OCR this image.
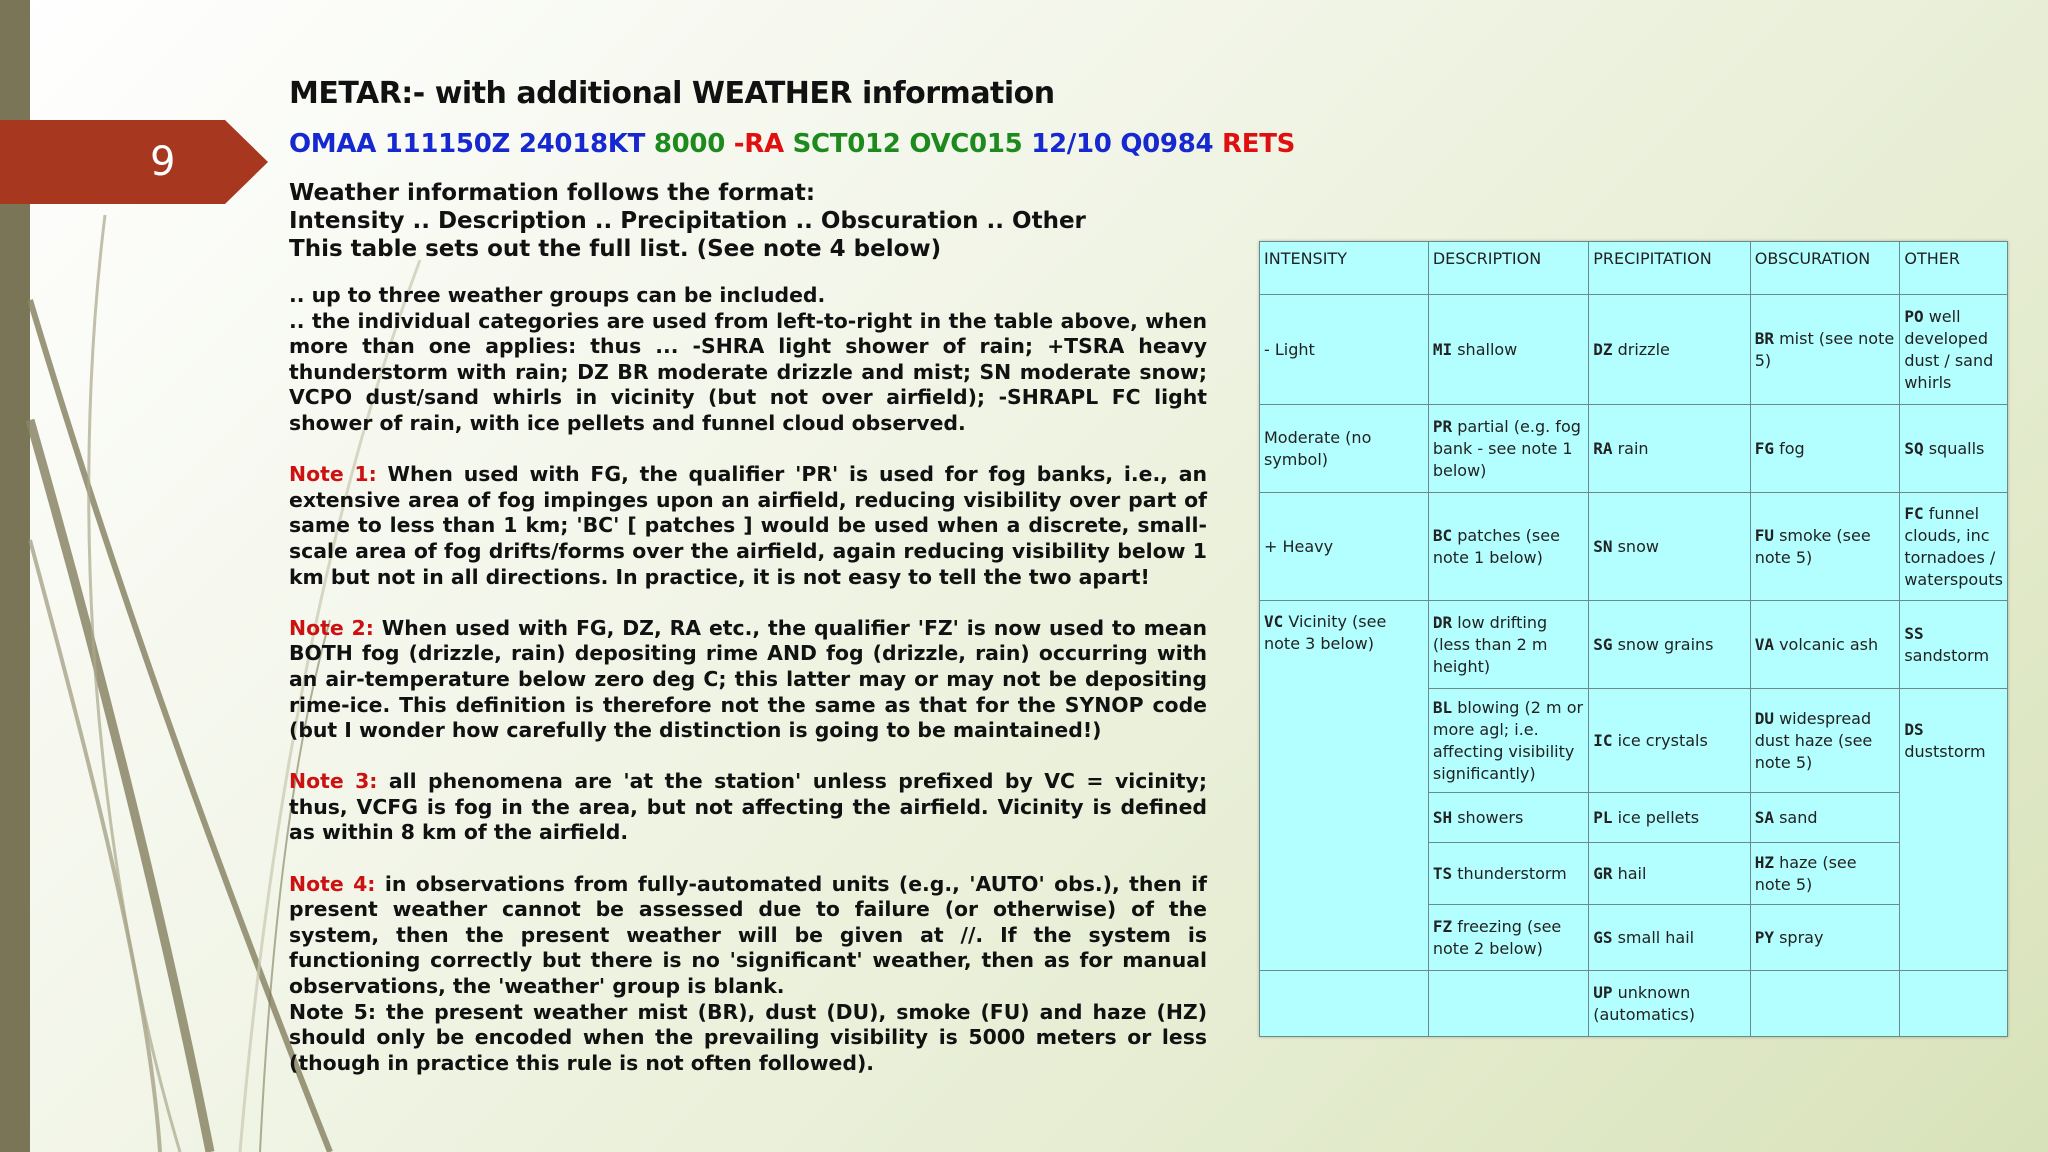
9
METAR:- with additional WEATHER information
OMAA 111150Z 24018KT 8000 -RA SCT012 OVC015 12/10 Q0984 RETS
Weather information follows the format:
Intensity .. Description .. Precipitation .. Obscuration .. Other
This table sets out the full list. (See note 4 below)
.. up to three weather groups can be included.
.. the individual categories are used from left-to-right in the table above, when more than one applies: thus ... -SHRA light shower of rain; +TSRA heavy thunderstorm with rain; DZ BR moderate drizzle and mist; SN moderate snow; VCPO dust/sand whirls in vicinity (but not over airfield); -SHRAPL FC light shower of rain, with ice pellets and funnel cloud observed.
Note 1: When used with FG, the qualifier 'PR' is used for fog banks, i.e., an extensive area of fog impinges upon an airfield, reducing visibility over part of same to less than 1 km; 'BC' [ patches ] would be used when a discrete, small-scale area of fog drifts/forms over the airfield, again reducing visibility below 1 km but not in all directions. In practice, it is not easy to tell the two apart!
Note 2: When used with FG, DZ, RA etc., the qualifier 'FZ' is now used to mean BOTH fog (drizzle, rain) depositing rime AND fog (drizzle, rain) occurring with an air-temperature below zero deg C; this latter may or may not be depositing rime-ice. This definition is therefore not the same as that for the SYNOP code (but I wonder how carefully the distinction is going to be maintained!)
Note 3: all phenomena are 'at the station' unless prefixed by VC = vicinity; thus, VCFG is fog in the area, but not affecting the airfield. Vicinity is defined as within 8 km of the airfield.
Note 4: in observations from fully-automated units (e.g., 'AUTO' obs.), then if present weather cannot be assessed due to failure (or otherwise) of the system, then the present weather will be given at //. If the system is functioning correctly but there is no 'significant' weather, then as for manual observations, the 'weather' group is blank.
Note 5: the present weather mist (BR), dust (DU), smoke (FU) and haze (HZ) should only be encoded when the prevailing visibility is 5000 meters or less (though in practice this rule is not often followed).
INTENSITY	DESCRIPTION	PRECIPITATION	OBSCURATION	OTHER
- Light	MI shallow	DZ drizzle	BR mist (see note 5)	PO well developed dust / sand whirls
Moderate (no symbol)	PR partial (e.g. fog bank - see note 1 below)	RA rain	FG fog	SQ squalls
+ Heavy	BC patches (see note 1 below)	SN snow	FU smoke (see note 5)	FC funnel clouds, inc tornadoes / waterspouts
VC Vicinity (see note 3 below)	DR low drifting (less than 2 m height)	SG snow grains	VA volcanic ash	SS sandstorm
	BL blowing (2 m or more agl; i.e. affecting visibility significantly)	IC ice crystals	DU widespread dust haze (see note 5)	DS duststorm
	SH showers	PL ice pellets	SA sand	
	TS thunderstorm	GR hail	HZ haze (see note 5)	
	FZ freezing (see note 2 below)	GS small hail	PY spray	
		UP unknown (automatics)		
